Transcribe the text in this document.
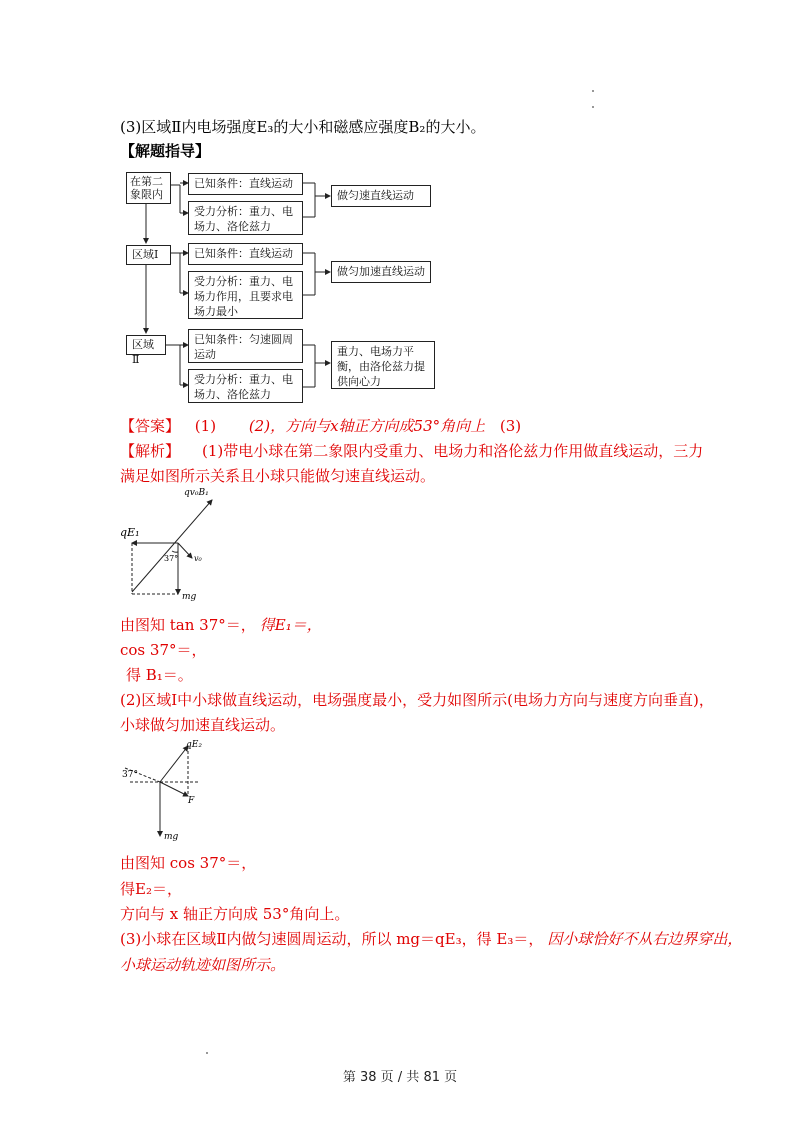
(3)区域Ⅱ内电场强度E₃的大小和磁感应强度B₂的大小。
【解题指导】
在第二象限内
已知条件：直线运动
受力分析：重力、电场力、洛伦兹力
做匀速直线运动
区域Ⅰ	已知条件：直线运动
受力分析：重力、电场力作用，且要求电场力最小
做匀加速直线运动
区域Ⅱ
已知条件：匀速圆周运动
受力分析：重力、电场力、洛伦兹力
重力、电场力平衡，由洛伦兹力提供向心力
【答案】 (1) (2)，方向与x轴正方向成53°角向上 (3)
【解析】 (1)带电小球在第二象限内受重力、电场力和洛伦兹力作用做直线运动，三力
满足如图所示关系且小球只能做匀速直线运动。
qv₀B₁
qE₁
37° v₀
mg
由图知 tan 37°＝， 得E₁＝，
cos 37°＝，
得 B₁＝。
(2)区域Ⅰ中小球做直线运动，电场强度最小，受力如图所示(电场力方向与速度方向垂直)，
小球做匀加速直线运动。
qE₂
37°
F
mg
由图知 cos 37°＝，
得E₂＝，
方向与 x 轴正方向成 53°角向上。
(3)小球在区域Ⅱ内做匀速圆周运动，所以 mg＝qE₃，得 E₃＝， 因小球恰好不从右边界穿出，
小球运动轨迹如图所示。
第 38 页 / 共 81 页
